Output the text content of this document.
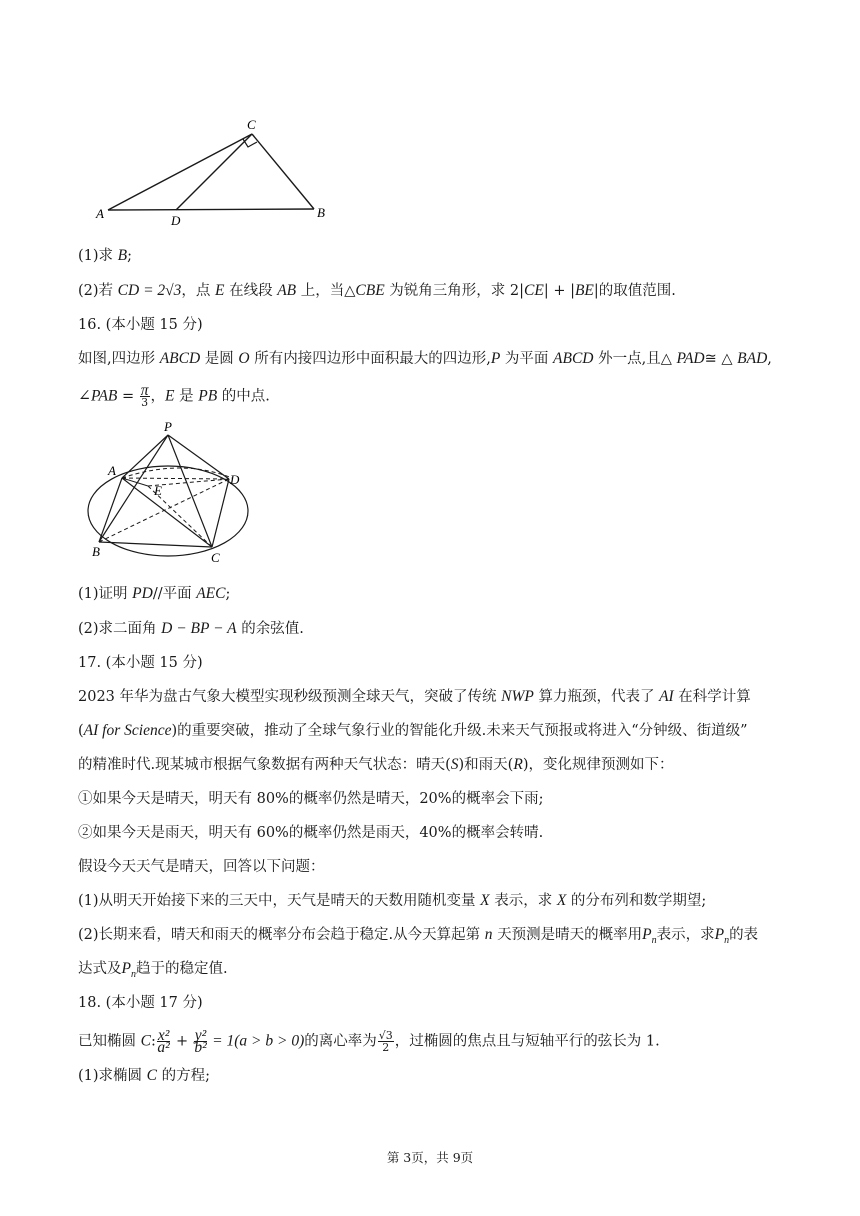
A
C
D
B
(1)求 B;
(2)若 CD = 2√3，点 E 在线段 AB 上，当△CBE 为锐角三角形，求 2|CE| + |BE|的取值范围.
16. (本小题 15 分)
如图,四边形 ABCD 是圆 O 所有内接四边形中面积最大的四边形,P 为平面 ABCD 外一点,且△ PAD≅ △ BAD,
∠PAB = $\frac{\pi}{3}$ ，E 是 PB 的中点.
P
A
E
D
B	C
(1)证明 PD//平面 AEC;
(2)求二面角 D − BP − A 的余弦值.
17. (本小题 15 分)
2023 年华为盘古气象大模型实现秒级预测全球天气，突破了传统 NWP 算力瓶颈，代表了 AI 在科学计算
(AI for Science)的重要突破，推动了全球气象行业的智能化升级.未来天气预报或将进入“分钟级、街道级”
的精准时代.现某城市根据气象数据有两种天气状态：晴天(S)和雨天(R)，变化规律预测如下：
①如果今天是晴天，明天有 80%的概率仍然是晴天，20%的概率会下雨;
②如果今天是雨天，明天有 60%的概率仍然是雨天，40%的概率会转晴.
假设今天天气是晴天，回答以下问题：
(1)从明天开始接下来的三天中，天气是晴天的天数用随机变量 X 表示，求 X 的分布列和数学期望;
(2)长期来看，晴天和雨天的概率分布会趋于稳定.从今天算起第 n 天预测是晴天的概率用$P_n$表示，求$P_n$的表
达式及$P_n$趋于的稳定值.
18. (本小题 17 分)
已知椭圆 C: $\frac{\text{x²}}{\text{a²}} + \frac{\text{y²}}{\text{b²}} = 1(a > b > 0)$的离心率为 $\frac{√3}{2}$ ，过椭圆的焦点且与短轴平行的弦长为 1.
(1)求椭圆 C 的方程;
第 3页，共 9页
